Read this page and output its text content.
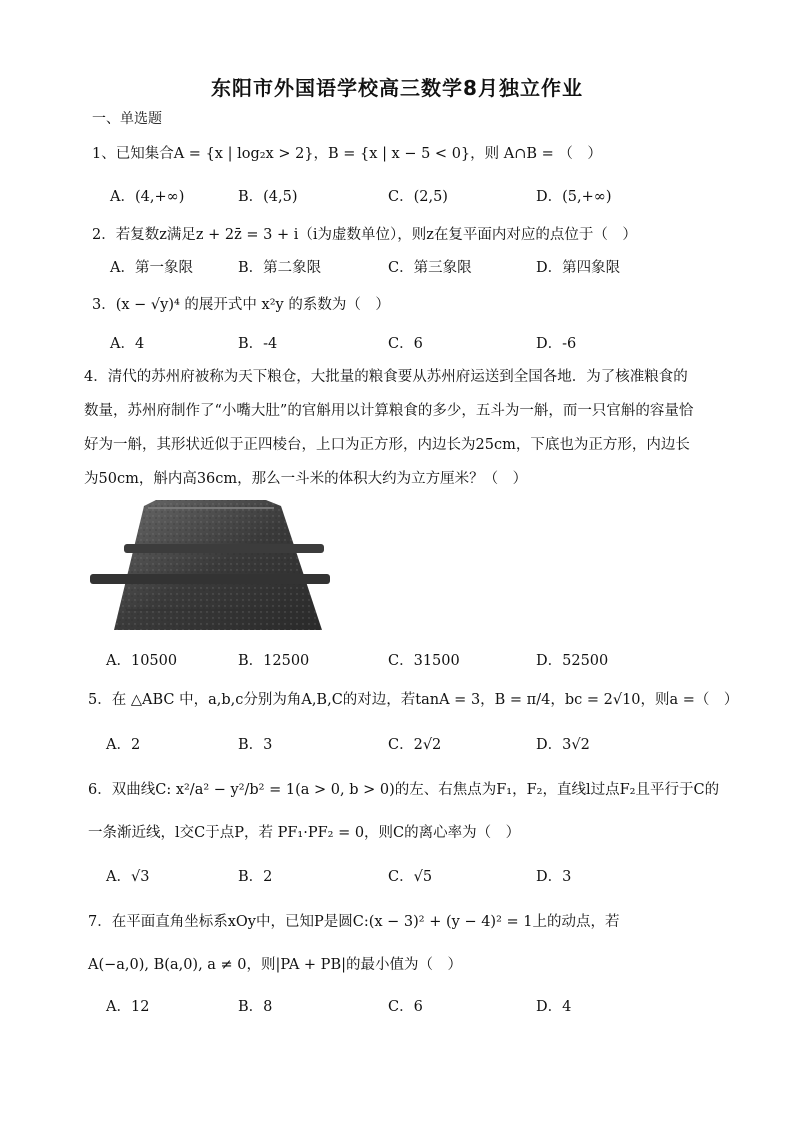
东阳市外国语学校高三数学8月独立作业
一、单选题
1、已知集合A = {x | log₂x > 2}，B = {x | x − 5 < 0}，则 A∩B = （　）
A．(4,+∞)	B．(4,5)	C．(2,5)	D．(5,+∞)
2．若复数z满足z + 2z̄ = 3 + i（i为虚数单位），则z在复平面内对应的点位于（　）
A．第一象限	B．第二象限	C．第三象限	D．第四象限
3．(x − √y)⁴ 的展开式中 x²y 的系数为（　）
A．4	B．-4	C．6	D．-6
4．清代的苏州府被称为天下粮仓，大批量的粮食要从苏州府运送到全国各地．为了核准粮食的数量，苏州府制作了“小嘴大肚”的官斛用以计算粮食的多少，五斗为一斛，而一只官斛的容量恰好为一斛，其形状近似于正四棱台，上口为正方形，内边长为25cm，下底也为正方形，内边长为50cm，斛内高36cm，那么一斗米的体积大约为立方厘米？（　）
A．10500	B．12500	C．31500	D．52500
5．在 △ABC 中，a,b,c分别为角A,B,C的对边，若tanA = 3，B = π/4，bc = 2√10，则a =（　）
A．2	B．3	C．2√2	D．3√2
6．双曲线C: x²/a² − y²/b² = 1(a > 0, b > 0)的左、右焦点为F₁，F₂，直线l过点F₂且平行于C的
一条渐近线，l交C于点P，若 PF₁·PF₂ = 0，则C的离心率为（　）
A．√3	B．2	C．√5	D．3
7．在平面直角坐标系xOy中，已知P是圆C:(x − 3)² + (y − 4)² = 1上的动点，若
A(−a,0), B(a,0), a ≠ 0，则|PA + PB|的最小值为（　）
A．12	B．8	C．6	D．4
